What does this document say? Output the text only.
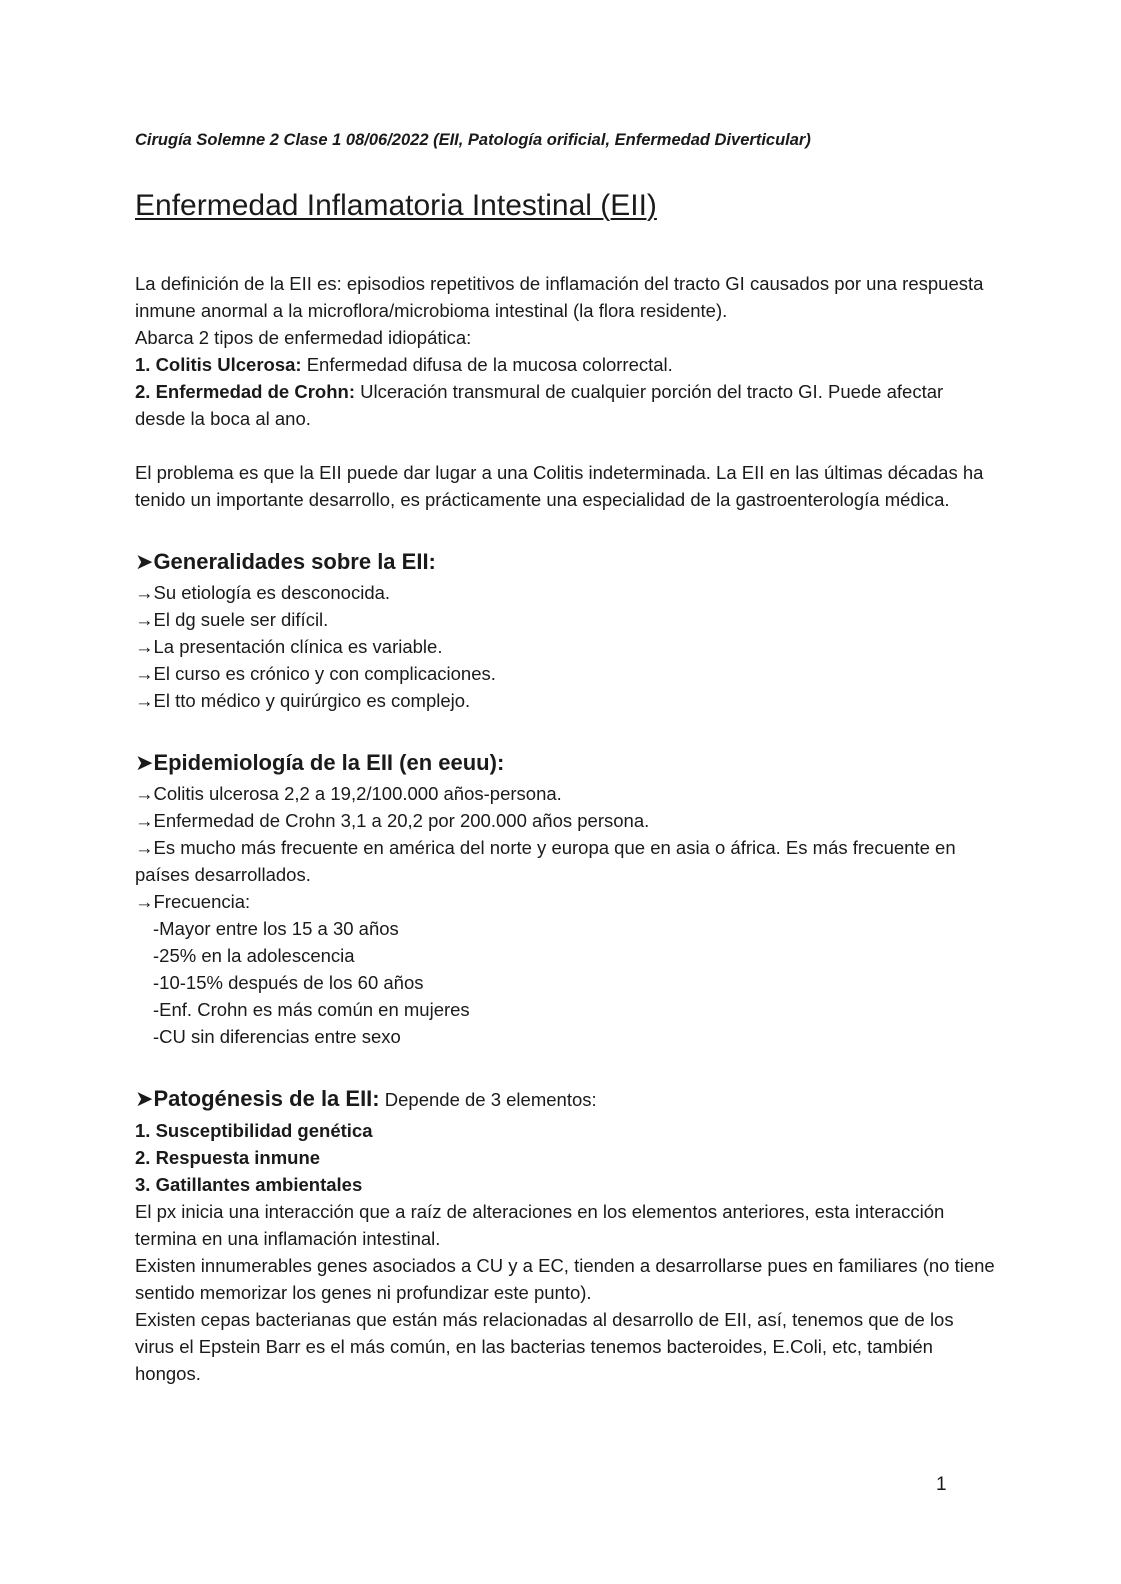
Cirugía Solemne 2 Clase 1 08/06/2022 (EII, Patología orificial, Enfermedad Diverticular)

Enfermedad Inflamatoria Intestinal (EII)

La definición de la EII es: episodios repetitivos de inflamación del tracto GI causados por una respuesta inmune anormal a la microflora/microbioma intestinal (la flora residente).

Abarca 2 tipos de enfermedad idiopática:

1. Colitis Ulcerosa: Enfermedad difusa de la mucosa colorrectal.

2. Enfermedad de Crohn: Ulceración transmural de cualquier porción del tracto GI. Puede afectar desde la boca al ano.

El problema es que la EII puede dar lugar a una Colitis indeterminada. La EII en las últimas décadas ha tenido un importante desarrollo, es prácticamente una especialidad de la gastroenterología médica.

➤Generalidades sobre la EII:

→Su etiología es desconocida.

→El dg suele ser difícil.

→La presentación clínica es variable.

→El curso es crónico y con complicaciones.

→El tto médico y quirúrgico es complejo.

➤Epidemiología de la EII (en eeuu):

→Colitis ulcerosa 2,2 a 19,2/100.000 años-persona.

→Enfermedad de Crohn 3,1 a 20,2 por 200.000 años persona.

→Es mucho más frecuente en américa del norte y europa que en asia o áfrica. Es más frecuente en países desarrollados.

→Frecuencia:

-Mayor entre los 15 a 30 años

-25% en la adolescencia

-10-15% después de los 60 años

-Enf. Crohn es más común en mujeres

-CU sin diferencias entre sexo

➤Patogénesis de la EII: Depende de 3 elementos:

1. Susceptibilidad genética

2. Respuesta inmune

3. Gatillantes ambientales

El px inicia una interacción que a raíz de alteraciones en los elementos anteriores, esta interacción termina en una inflamación intestinal.

Existen innumerables genes asociados a CU y a EC, tienden a desarrollarse pues en familiares (no tiene sentido memorizar los genes ni profundizar este punto).

Existen cepas bacterianas que están más relacionadas al desarrollo de EII, así, tenemos que de los virus el Epstein Barr es el más común, en las bacterias tenemos bacteroides, E.Coli, etc, también hongos.

1
